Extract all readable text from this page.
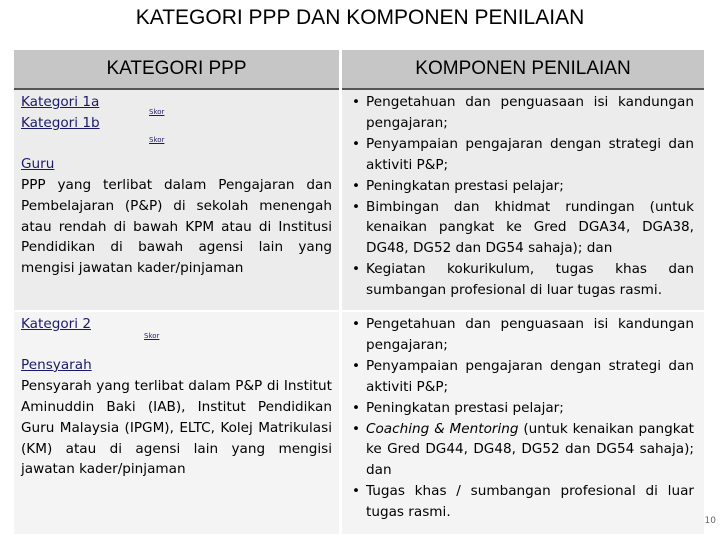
KATEGORI PPP DAN KOMPONEN PENILAIAN
KATEGORI PPP	KOMPONEN PENILAIAN
Kategori 1a
Kategori 1b
Skor
Skor
Guru
PPP yang terlibat dalam Pengajaran dan Pembelajaran (P&P) di sekolah menengah atau rendah di bawah KPM atau di Institusi Pendidikan di bawah agensi lain yang mengisi jawatan kader/pinjaman
• Pengetahuan dan penguasaan isi kandungan pengajaran;
• Penyampaian pengajaran dengan strategi dan aktiviti P&P;
• Peningkatan prestasi pelajar;
• Bimbingan dan khidmat rundingan (untuk kenaikan pangkat ke Gred DGA34, DGA38, DG48, DG52 dan DG54 sahaja); dan
• Kegiatan kokurikulum, tugas khas dan sumbangan profesional di luar tugas rasmi.
Kategori 2
Skor
Pensyarah
Pensyarah yang terlibat dalam P&P di Institut Aminuddin Baki (IAB), Institut Pendidikan Guru Malaysia (IPGM), ELTC, Kolej Matrikulasi (KM) atau di agensi lain yang mengisi jawatan kader/pinjaman
• Pengetahuan dan penguasaan isi kandungan pengajaran;
• Penyampaian pengajaran dengan strategi dan aktiviti P&P;
• Peningkatan prestasi pelajar;
• Coaching & Mentoring (untuk kenaikan pangkat ke Gred DG44, DG48, DG52 dan DG54 sahaja); dan
• Tugas khas / sumbangan profesional di luar tugas rasmi.
10
